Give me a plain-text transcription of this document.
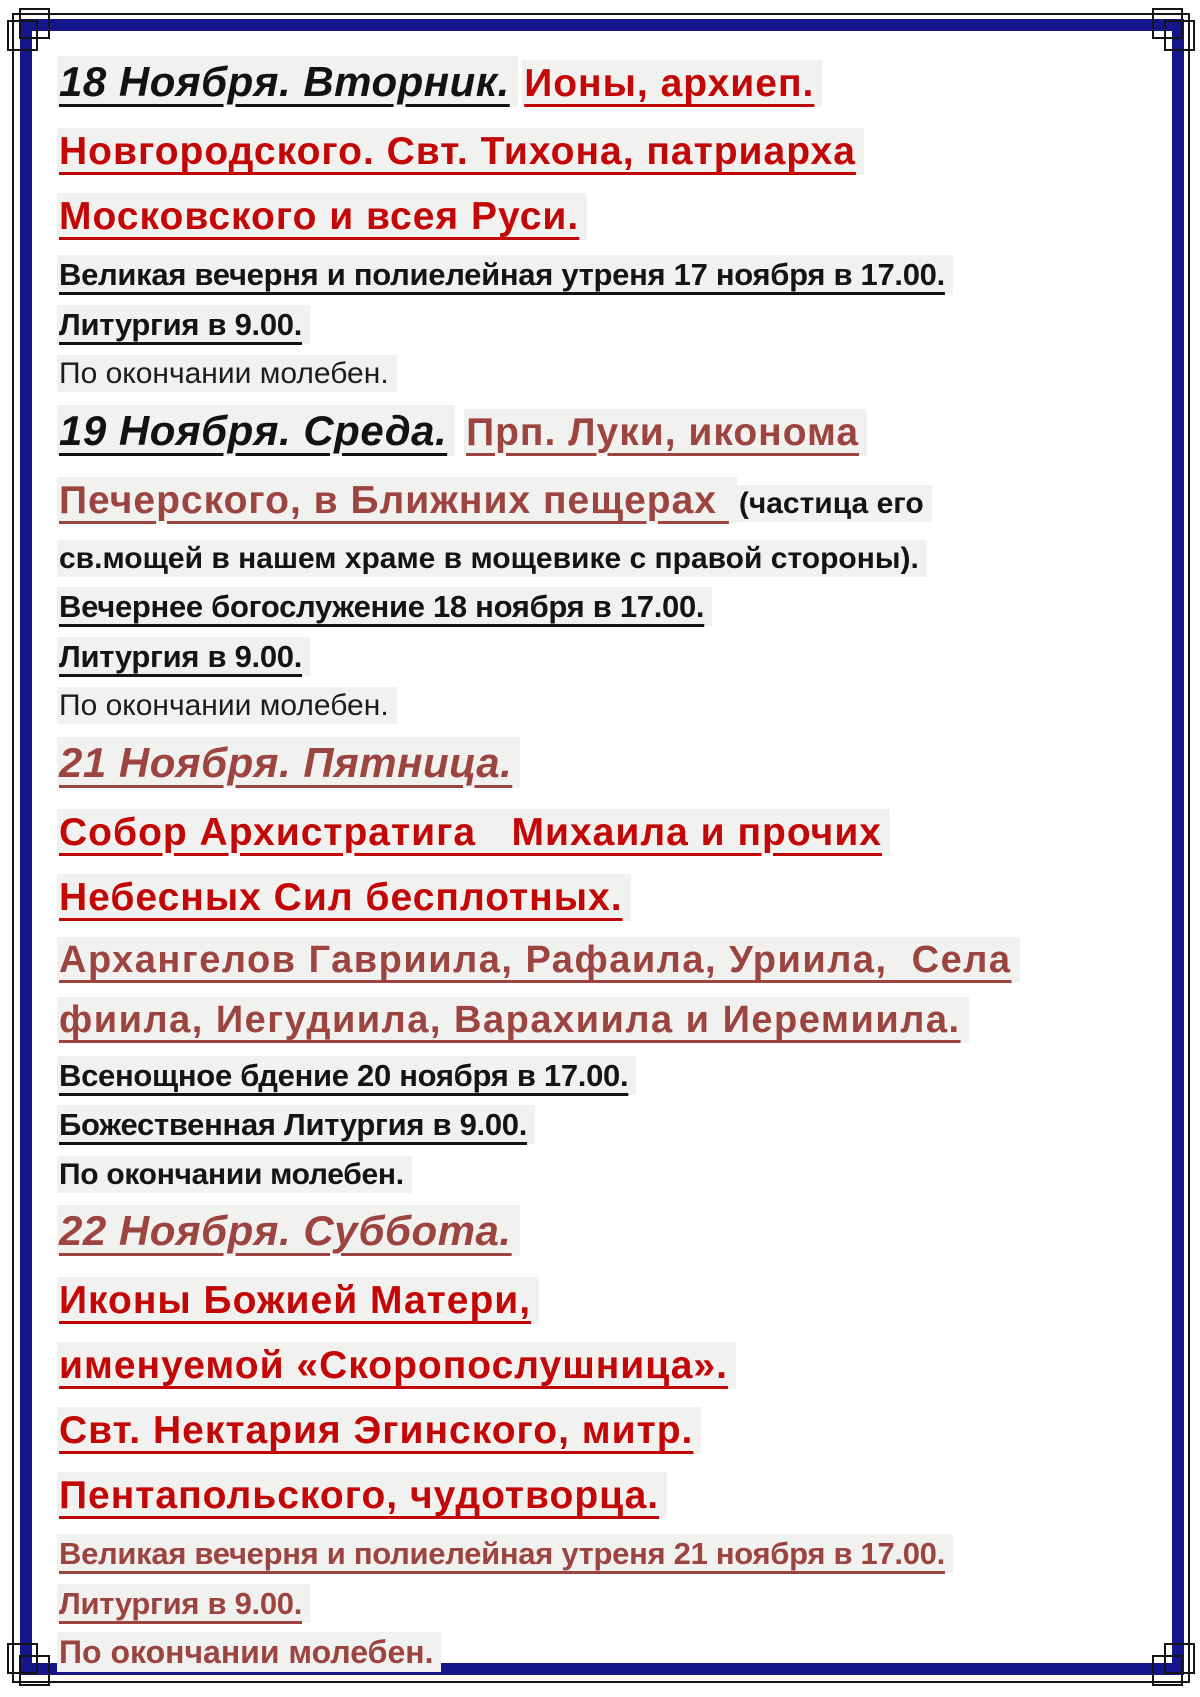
18 Ноября. Вторник. Ионы, архиеп.
Новгородского. Свт. Тихона, патриарха
Московского и всея Руси.
Великая вечерня и полиелейная утреня 17 ноября в 17.00.
Литургия в 9.00.
По окончании молебен.
19 Ноября. Среда. Прп. Луки, иконома
Печерского, в Ближних пещерах (частица его
св.мощей в нашем храме в мощевике с правой стороны).
Вечернее богослужение 18 ноября в 17.00.
Литургия в 9.00.
По окончании молебен.
21 Ноября. Пятница.
Собор Архистратига   Михаила и прочих
Небесных Сил бесплотных.
Архангелов Гавриила, Рафаила, Уриила,  Села
фиила, Иегудиила, Варахиила и Иеремиила.
Всенощное бдение 20 ноября в 17.00.
Божественная Литургия в 9.00.
По окончании молебен.
22 Ноября. Суббота.
Иконы Божией Матери,
именуемой «Скоропослушница».
Свт. Нектария Эгинского, митр.
Пентапольского, чудотворца.
Великая вечерня и полиелейная утреня 21 ноября в 17.00.
Литургия в 9.00.
По окончании молебен.
